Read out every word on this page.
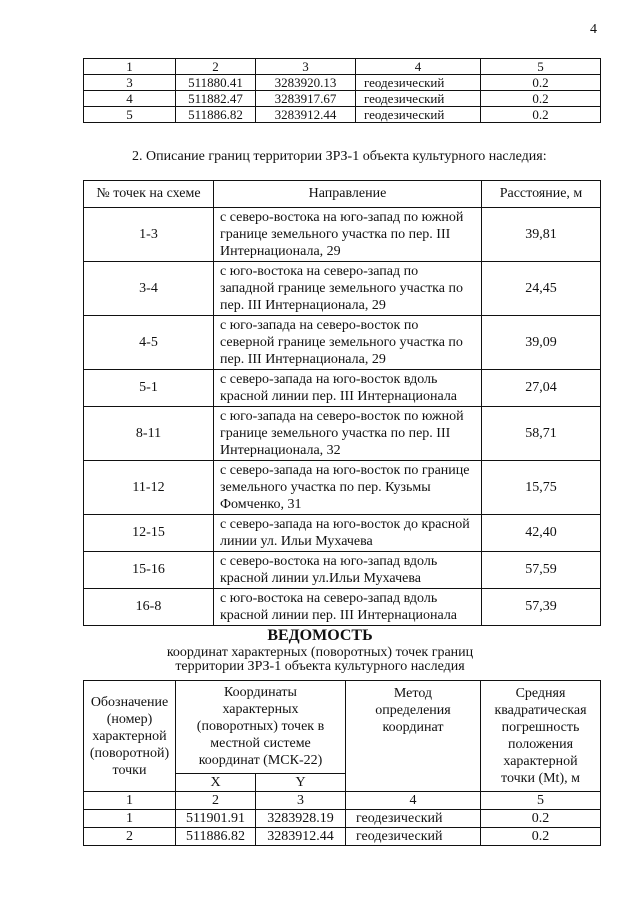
4
1	2	3	4	5
3	511880.41	3283920.13	геодезический	0.2
4	511882.47	3283917.67	геодезический	0.2
5	511886.82	3283912.44	геодезический	0.2
2. Описание границ территории ЗРЗ-1 объекта культурного наследия:
№ точек на схеме	Направление	Расстояние, м
1-3	с северо-востока на юго-запад по южной границе земельного участка по пер. III Интернационала, 29	39,81
3-4	с юго-востока на северо-запад по западной границе земельного участка по пер. III Интернационала, 29	24,45
4-5	с юго-запада на северо-восток по северной границе земельного участка по пер. III Интернационала, 29	39,09
5-1	с северо-запада на юго-восток вдоль красной линии пер. III Интернационала	27,04
8-11	с юго-запада на северо-восток по южной границе земельного участка по пер. III Интернационала, 32	58,71
11-12	с северо-запада на юго-восток по границе земельного участка по пер. Кузьмы Фомченко, 31	15,75
12-15	с северо-запада на юго-восток до красной линии ул. Ильи Мухачева	42,40
15-16	с северо-востока на юго-запад вдоль красной линии ул.Ильи Мухачева	57,59
16-8	с юго-востока на северо-запад вдоль красной линии пер. III Интернационала	57,39
ВЕДОМОСТЬ
координат характерных (поворотных) точек границ
территории ЗРЗ-1 объекта культурного наследия
Обозначение (номер) характерной (поворотной) точки	Координаты характерных (поворотных) точек в местной системе координат (МСК-22)		Метод определения координат	Средняя квадратическая погрешность положения характерной точки (Mt), м
	X	Y		
1	2	3	4	5
1	511901.91	3283928.19	геодезический	0.2
2	511886.82	3283912.44	геодезический	0.2
